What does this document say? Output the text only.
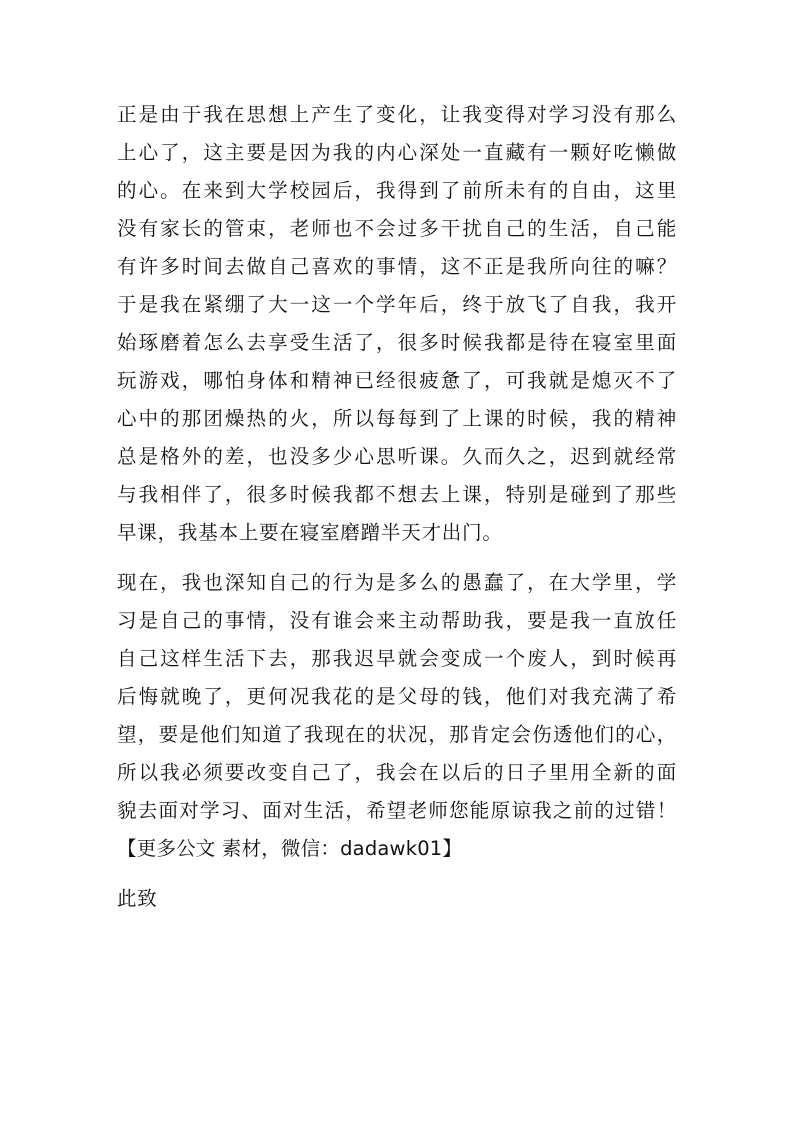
正是由于我在思想上产生了变化，让我变得对学习没有那么
上心了，这主要是因为我的内心深处一直藏有一颗好吃懒做
的心。在来到大学校园后，我得到了前所未有的自由，这里
没有家长的管束，老师也不会过多干扰自己的生活，自己能
有许多时间去做自己喜欢的事情，这不正是我所向往的嘛？
于是我在紧绷了大一这一个学年后，终于放飞了自我，我开
始琢磨着怎么去享受生活了，很多时候我都是待在寝室里面
玩游戏，哪怕身体和精神已经很疲惫了，可我就是熄灭不了
心中的那团燥热的火，所以每每到了上课的时候，我的精神
总是格外的差，也没多少心思听课。久而久之，迟到就经常
与我相伴了，很多时候我都不想去上课，特别是碰到了那些
早课，我基本上要在寝室磨蹭半天才出门。
现在，我也深知自己的行为是多么的愚蠢了，在大学里，学
习是自己的事情，没有谁会来主动帮助我，要是我一直放任
自己这样生活下去，那我迟早就会变成一个废人，到时候再
后悔就晚了，更何况我花的是父母的钱，他们对我充满了希
望，要是他们知道了我现在的状况，那肯定会伤透他们的心，
所以我必须要改变自己了，我会在以后的日子里用全新的面
貌去面对学习、面对生活，希望老师您能原谅我之前的过错！
【更多公文 素材，微信：dadawk01】
此致
